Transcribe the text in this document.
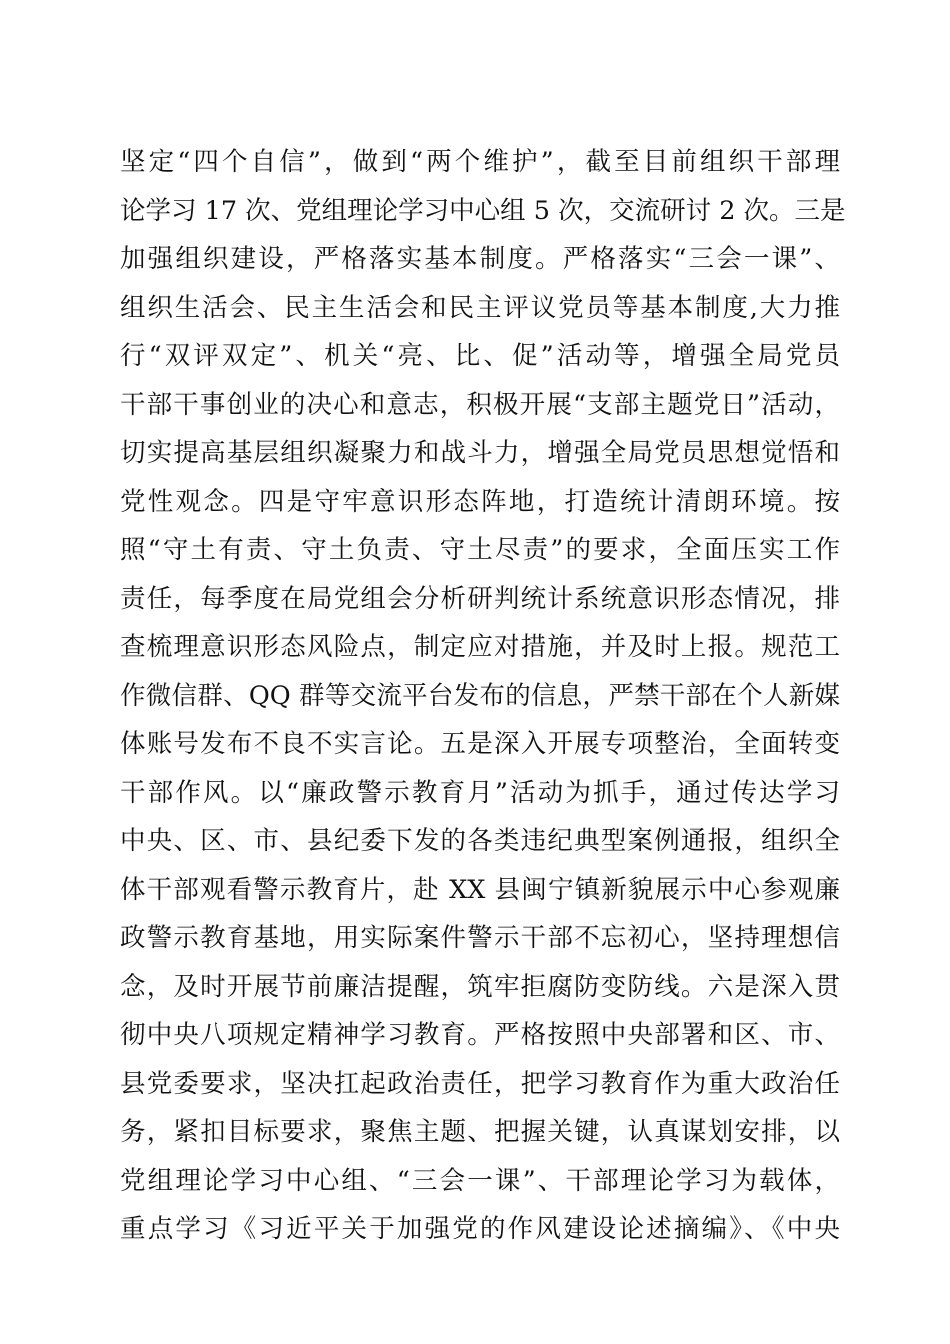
坚定“四个自信”，做到“两个维护”，截至目前组织干部理
论学习 17 次、党组理论学习中心组 5 次，交流研讨 2 次。三是
加强组织建设，严格落实基本制度。严格落实“三会一课”、
组织生活会、民主生活会和民主评议党员等基本制度,大力推
行“双评双定”、机关“亮、比、促”活动等，增强全局党员
干部干事创业的决心和意志，积极开展“支部主题党日”活动，
切实提高基层组织凝聚力和战斗力，增强全局党员思想觉悟和
党性观念。四是守牢意识形态阵地，打造统计清朗环境。按
照“守土有责、守土负责、守土尽责”的要求，全面压实工作
责任，每季度在局党组会分析研判统计系统意识形态情况，排
查梳理意识形态风险点，制定应对措施，并及时上报。规范工
作微信群、QQ 群等交流平台发布的信息，严禁干部在个人新媒
体账号发布不良不实言论。五是深入开展专项整治，全面转变
干部作风。以“廉政警示教育月”活动为抓手，通过传达学习
中央、区、市、县纪委下发的各类违纪典型案例通报，组织全
体干部观看警示教育片，赴 XX 县闽宁镇新貌展示中心参观廉
政警示教育基地，用实际案件警示干部不忘初心，坚持理想信
念，及时开展节前廉洁提醒，筑牢拒腐防变防线。六是深入贯
彻中央八项规定精神学习教育。严格按照中央部署和区、市、
县党委要求，坚决扛起政治责任，把学习教育作为重大政治任
务，紧扣目标要求，聚焦主题、把握关键，认真谋划安排，以
党组理论学习中心组、“三会一课”、干部理论学习为载体，
重点学习《习近平关于加强党的作风建设论述摘编》、《中央
